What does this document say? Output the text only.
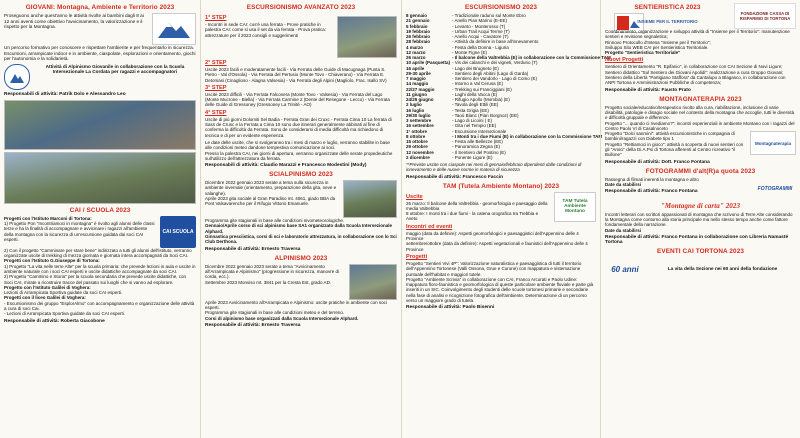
GIOVANI: Montagna, Ambiente e Territorio 2023
Proseguono anche quest'anno le attività rivolte ai bambini dagli 8 ai 12 anni aventi come obiettivo l'avvicinamento, la valorizzazione e il rispetto per la Montagna.
Un percorso formativo per conoscere e rispettare l'ambiente e per frequentarlo in sicurezza. Escursioni, arrampicate indoor e in ambiente, ciaspolate, esplorazioni e orientamento, giochi per l'autonomia e la solidarietà.
Attività di Alpinismo Giovanile in collaborazione con la Scuola Intersezionale La Cordata per ragazzi e accompagnatori
Responsabili di attività: Patrik Dolo e Alessandro Leo
CAI / SCUOLA 2023
Progetti con l'Istituto Marconi di Tortona:
1) Progetto Pon "Incontriamoci in montagna" è rivolto agli alunni delle classi terze e ha la finalità di accompagnare e avvicinare i ragazzi all'ambiente della montagna con la sicurezza di un'escursione guidata dai soci CAI esperti.
CAI SCUOLA
2) Con il progetto "Camminare per stare bene" indirizzato a tutti gli alunni dell'istituto, verranno organizzate uscite di trekking di mezza giornata e giornata intera accompagnati da Soci CAI.
Progetti con l'Istituto G.Giuseppe di Tortona:
1) Progetto "La vita nelle terre Alte" per la scuola primaria: che prevede lezioni in aula e uscite in ambiente naturale con i soci CAI esperti e uscite didattiche accompagnate da soci CAI.
2) Progetto "Cammino e Storia" per la scuola secondaria che prevede uscite didattiche, con Soci CAI, mirate a ricostruire tracce del passato sui luoghi che si vanno ad esplorare.
Progetto con l'Istituto Galilei di Voghera:
Lezioni di Arrampicata Sportiva guidate da soci CAI esperti.
Progetti con il liceo Galilei di Voghera:
- Escursionismo dei gruppo "EsplorAlmo" con accompagnamento e organizzazione delle attività a cura di soci Cai.
- Lezioni di Arrampicata Sportiva guidate da soci CAI esperti.
Responsabile di attività: Roberta Giacobone
ESCURSIONISMO AVANZATO 2023
1° STEP
- Incontri in sede CAI: cos'è una ferrata - Prove pratiche in palestra CAI: come si usa il set da via ferrata - Prova pratica: attrezzature per il 2023 consigli e suggerimenti
2° STEP
Uscite 2023 facili e moderatamente facili - Via Ferrata delle Guide di Macugnaga (Punta S. Pietro - Val d'Ossola) - Via Ferrata del Pertusio (Monte Tovo - Chiaverano) - Via Ferrata E. Detomasi (Cinaglioso - Alagna Valsesia) - Via Ferrata degli Alpini (Magliolo, Frac. Isallo SV)
3° STEP
Uscite 2023 difficili - Via Ferrata Falconera (Monte Tovo - Valsesia) - Via Ferrata del Lago (Monte Mucrone - Biella) - Via Ferrata Carmine 2 (Dente del Resegone - Lecco) - Via Ferrata delle Guide di Gressoney (Gressoney La Trinité - AO)
4° STEP
Uscite di più giorni Dolomiti Sel Badia - Ferrata Gran dei Cruxc - Ferrata Cima 10 La ferrata di Sass de Crusc e la Ferrata a Cima 10 sono due itinerari generalmente abbinati al fine di conferma la difficoltà da Ferrata. Sono de considerarsi di media difficoltà ma richiedono di tecnica e di per un evidente esperienza.
Le date delle uscite, che si svolgeranno tra i mesi di marzo e luglio, verranno stabilite in base alle condizioni meteo dandone tempestiva comunicazione ai soci.
Presso la palestra CAI, nei giorni di apertura, verranno organizzate delle serate propedeutiche sull'utilizzo dell'attrezzatura da ferrata.
Responsabili di attività: Claudio Marazzi e Francesco Modestini (Mody)
SCIALPINISMO 2023
Dicembre 2022 gennaio 2023 serate a tema sulla sicurezza in ambiente invernale (orientamento, preparazione della gita, neve e valanghe).
Aprile 2023 gita sociale al Gran Paradiso mt. 4061, giado BBA da Pont Valsavarenche per il Rifugio Vittorio Emanuele.
Programma gite stagionali in base alle condizioni nivometeorologiche.
Gennaio/Aprile corso di sci alpinismo base SA1 organizzato dalla Scuola Intersezionale Alphard.
Ginnastica presciistica, corsi di sci e laboratorio attrezzatura, in collaborazione con lo Sci Club Derthona.
Responsabile di attività: Ernesto Traversa
ALPINISMO 2023
Dicembre 2022 gennaio 2023 serate a tema "Avvicinamento all'Arrampicata e Alpinismo" (progressione in sicurezza, manovre di corda, ecc.).
Settembre 2023 Monviso mt. 3841 per la Cresta Est, grado AD.
Aprile 2023 Avvicinamento all'Arrampicata e Alpinismo: uscite pratiche in ambiente con soci esperti.
Programma gite stagionali in base alle condizioni meteo e del terreno.
Corsi di alpinismo base organizzati dalla Scuola Intersezionale Alphard.
Responsabile di attività: Ernesto Traversa
ESCURSIONISMO 2023
8 gennaio	- Tradizionale raduno sul Monte Ebro
21 gennaio	- Anello Pian Marino (E-EE)
5 febbraio	- Levanto - Monterosso (T)
19 febbraio	- Urban Trail Acqui Terme (T)
26 febbraio	- Anello Acqui - Cavatore (T)
28 febbraio	- Attività da definire in base all'innevamento
4 marzo	- Festa della Donna - Liguria
12 marzo	- Monte Figne (E)
26 marzo	- Il balcone della Valtrebbia (E) in collaborazione con la Commissione TAM
10 aprile (Pasquetta) - Vis dei calanchi e dei vigneti, Verduno (T)
16 aprile	- Lago dei Brugneto (E)
29-30 aprile	- Sentiero degli Abitini (Lago di Garda)
7 maggio	- Sentiero dei Vandorlo - Lago di Como (E)
14 maggio	- Intorno a Val Cerusa (E)
22/27 maggio	- Trekking sui Franciggiani (E)
11 giugno	- Laghi della Vacca (E)
24/25 giugno	- Rifugio Apollo (Mombia) (E)
2 luglio	- Tavola degli Ettili (EE)
16 luglio	- Testa Grigia (EE)
29/30 luglio	- Taoù Blanc (Pian Borgnoz) (EE)
3 settembre	- Lago di Licoini ( E)
16 settembre	- Gita nel Tempio (EE)
1° ottobre	- Escursione Intersezionale
8 ottobre	- I Monti tra i due Fiumi (E) in collaborazione con la Commissione TAM
15 ottobre	- Festa alle Bellezze (EE)
29 ottobre	- Panoramica Zegna (E)
12 novembre	- Il Sentiero del Postino (E)
2 dicembre	- Ponente Ligure (E)
**Previste uscite con ciaspole nei mesi di gennaio/febbraio dipendenti dalle condizioni di innevamento e delle nuove norme in materia di sicurezza
Responsabile di attività: Francesco Faccin
TAM (Tutela Ambiente Montano) 2023
Uscite
26 marzo: Il balcone della Valtrebbia - geomorfologia e paesaggio della media Valtrebbia
8 ottobre: I monti tra i due fiumi - la catena orografica tra Trebbia e Aveto
TAM Tutela Ambiente Montano
Incontri ed eventi
maggio (data da definire): Aspetti geomorfologici e paesaggistici dell'Appennino delle 4 Province
settembre/ottobre (data da definire): Aspetti vegetazionali e faunistici dell'Appennino delle 4 Province
Progetti
Progetto "Sentieri Vivi 4P": Valorizzazione naturalistica e paesaggistica di tutti il territorio dell'Appennino Tortonese (Valli Ossona, Grue e Curone) con mappatura e sistemazione puntuale dell'habitat e maggiori tutele.
Progetto "Ambiente Scrivia" in collaborazione con CAI, Franco Arcorati e Paolo Udine: mappatura floro-faunistica e geomorfologica di queste particolare ambiente fluviale e parte già inseriti in un SIC. Coinvolgimento degli studenti delle scuole tortonesi primarie e secondarie nella fase di analisi e ricognizione fotografica dell'ambiente. Determinazione di un percorso verso un maggiore grado di tutela.
Responsabile di attività: Paolo Bisenni
SENTIERISTICA 2023
INSIEME PER IL TERRITORIO
FONDAZIONE CASSA DI RISPARMIO DI TORTONA
Coordinamento, organizzazione e sviluppo attività di "Insieme per il Territorio": manutenzione sentieri e revisione segnaletica;
Rinnovo Protocollo d'Intesa "Insieme per il Territorio";
Sviluppo Sito WEB CAI per Sentieristica Territoriale.
Progetto "Sentieristica Territoriale"
Nuovi Progetti
Sentiero di Orientamento "R. Epifanio", in collaborazione con CAI Sezione di Novi Ligure;
Sentiero didattico "Sul Sentiero dei Giovani Apolidi": realizzazione a cura Gruppo Giovani;
Sentiero della Libertà "Partigiano Staffora" da Cantalupo a Blagasco, in collaborazione con ANPI Tortona e Amministrazioni Pubbliche di competenza;
Responsabile di attività: Fausto Prato
MONTAGNATERAPIA 2023
Progetto sociale/educativo/terapeutico rivolto alla cura, riabilitazione, inclusione di varie disabilità, patologie e disagio sociale nel contesto della montagna che accoglie, tutti le diversità e difficoltà gruppale e differenze.
Progetto "... quando ci rivediamo?": incontri esperienziali in ambiente Montano con i ragazzi del Centro Paolo VI di Casalnoceto
Progetto "Dolci sanmini": attività escursionistiche in compagnia di bambini/ragazzi con Diabete tipo 1
Progetto "Rettiamoci in gioco": attività a scoperta di nuovi sentieri con gli "Amici" della Di.A.Psi di Tortona afferenti al Centro ricreativo "il Bullone"
Montagnaterapia
Responsabile di attività: Dott. Franco Fontana
FOTOGRAMMI d'alt(R)a quota 2023
Rassegna di filmati inerenti la montagna e altro
Date da stabilirsi
Responsabile di attività: Franco Fontana
FOTOGRAMMI
"Montagne di carta" 2023
Incontri letterari con scrittori appassionati di montagna che scrivono di Terre Alte considerando la Montagna come contorno alla storia principale ma nello stesso tempo anche come fattore fondamentale della narrazione.
Date da stabilirsi
Responsabile di attività: Franco Fontana in collaborazione con Libreria Namasté Tortona
EVENTI CAI TORTONA 2023
60 anni	La vita della Sezione nei 60 anni della fondazione
